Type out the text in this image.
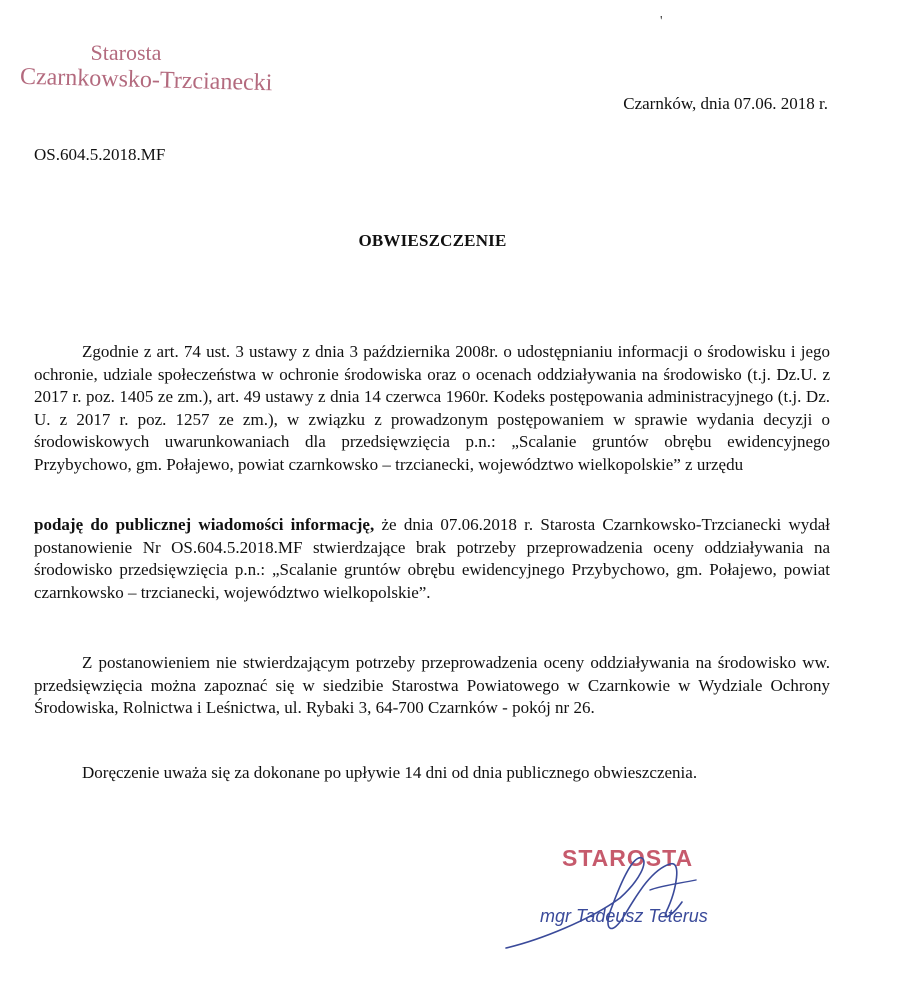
Starosta
Czarnkowsko-Trzcianecki
'
Czarnków, dnia 07.06. 2018 r.
OS.604.5.2018.MF
OBWIESZCZENIE
Zgodnie z art. 74 ust. 3 ustawy z dnia 3 października 2008r. o udostępnianiu informacji o środowisku i jego ochronie, udziale społeczeństwa w ochronie środowiska oraz o ocenach oddziaływania na środowisko (t.j. Dz.U. z 2017 r. poz. 1405 ze zm.), art. 49 ustawy z dnia 14 czerwca 1960r. Kodeks postępowania administracyjnego (t.j. Dz. U. z 2017 r. poz. 1257 ze zm.), w związku z prowadzonym postępowaniem w sprawie wydania decyzji o środowiskowych uwarunkowaniach dla przedsięwzięcia p.n.: „Scalanie gruntów obrębu ewidencyjnego Przybychowo, gm. Połajewo, powiat czarnkowsko – trzcianecki, województwo wielkopolskie” z urzędu
podaję do publicznej wiadomości informację, że dnia 07.06.2018 r. Starosta Czarnkowsko-Trzcianecki wydał postanowienie Nr OS.604.5.2018.MF stwierdzające brak potrzeby przeprowadzenia oceny oddziaływania na środowisko przedsięwzięcia p.n.: „Scalanie gruntów obrębu ewidencyjnego Przybychowo, gm. Połajewo, powiat czarnkowsko – trzcianecki, województwo wielkopolskie”.
Z postanowieniem nie stwierdzającym potrzeby przeprowadzenia oceny oddziaływania na środowisko ww. przedsięwzięcia można zapoznać się w siedzibie Starostwa Powiatowego w Czarnkowie w Wydziale Ochrony Środowiska, Rolnictwa i Leśnictwa, ul. Rybaki 3, 64-700 Czarnków - pokój nr 26.
Doręczenie uważa się za dokonane po upływie 14 dni od dnia publicznego obwieszczenia.
STAROSTA
mgr Tadeusz Teterus
